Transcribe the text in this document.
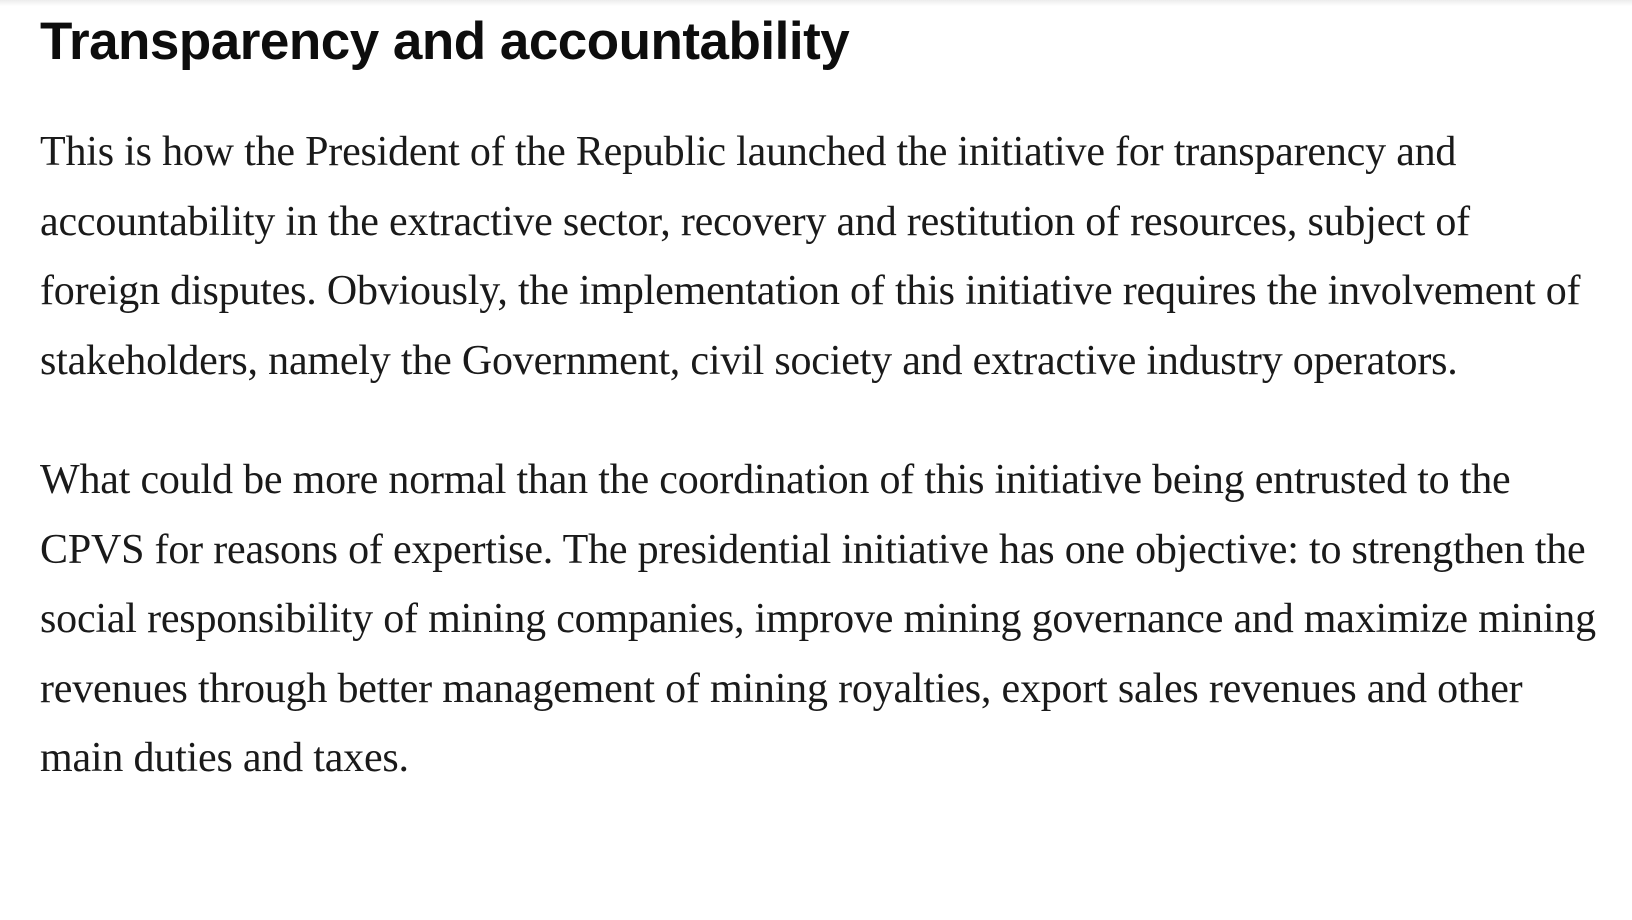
Transparency and accountability

This is how the President of the Republic launched the initiative for transparency and accountability in the extractive sector, recovery and restitution of resources, subject of foreign disputes. Obviously, the implementation of this initiative requires the involvement of stakeholders, namely the Government, civil society and extractive industry operators.

What could be more normal than the coordination of this initiative being entrusted to the CPVS for reasons of expertise. The presidential initiative has one objective: to strengthen the social responsibility of mining companies, improve mining governance and maximize mining revenues through better management of mining royalties, export sales revenues and other main duties and taxes.
